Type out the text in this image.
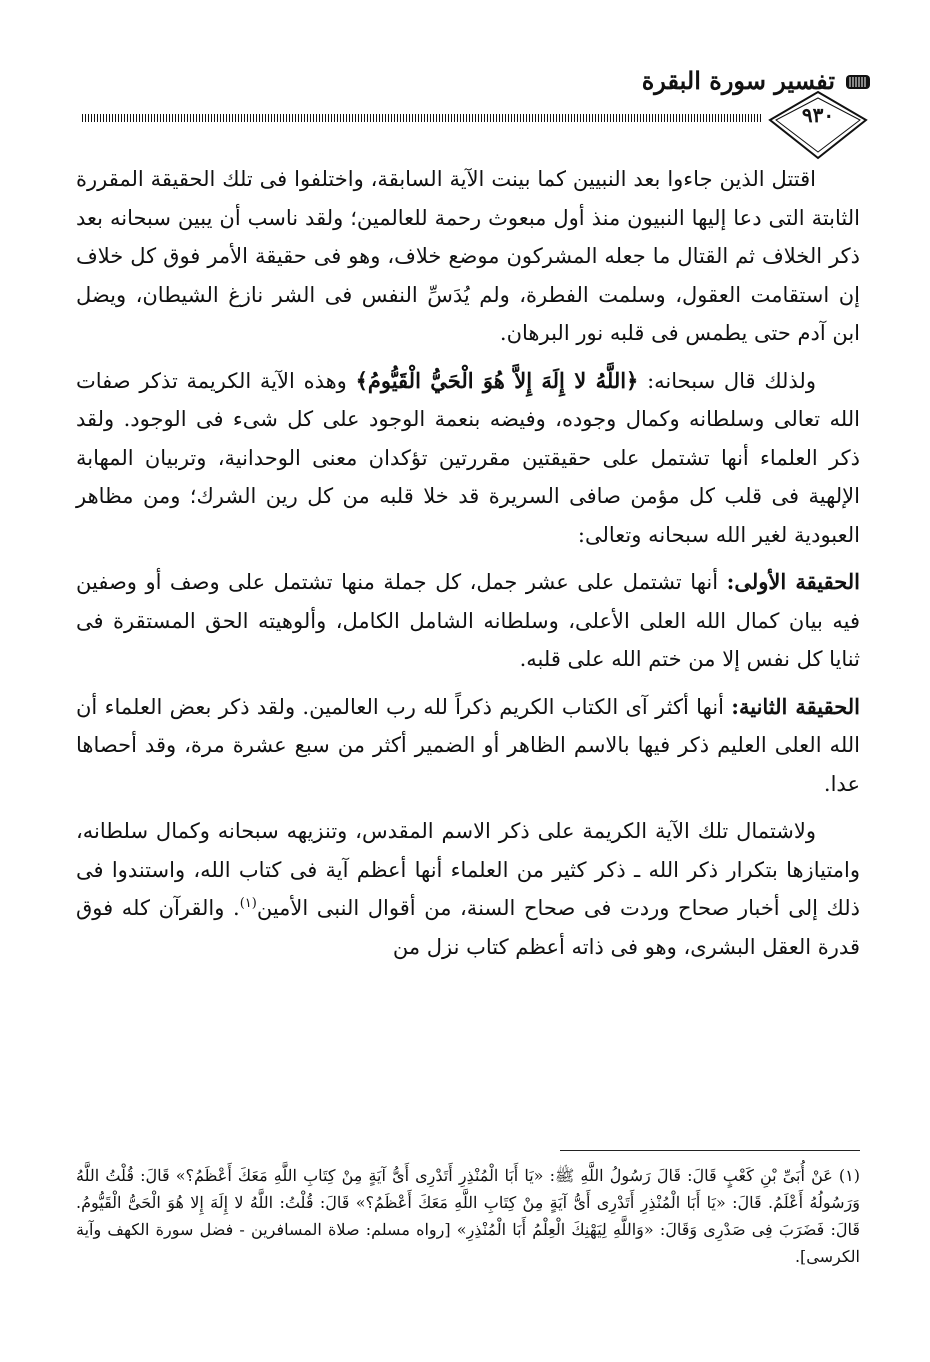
تفسير سورة البقرة
٩٣٠

اقتتل الذين جاءوا بعد النبيين كما بينت الآية السابقة، واختلفوا فى تلك الحقيقة المقررة الثابتة التى دعا إليها النبيون منذ أول مبعوث رحمة للعالمين؛ ولقد ناسب أن يبين سبحانه بعد ذكر الخلاف ثم القتال ما جعله المشركون موضع خلاف، وهو فى حقيقة الأمر فوق كل خلاف إن استقامت العقول، وسلمت الفطرة، ولم يُدَسِّ النفس فى الشر نازغ الشيطان، ويضل ابن آدم حتى يطمس فى قلبه نور البرهان.

ولذلك قال سبحانه: ﴿اللَّهُ لا إِلَهَ إِلاَّ هُوَ الْحَيُّ الْقَيُّومُ﴾ وهذه الآية الكريمة تذكر صفات الله تعالى وسلطانه وكمال وجوده، وفيضه بنعمة الوجود على كل شىء فى الوجود. ولقد ذكر العلماء أنها تشتمل على حقيقتين مقررتين تؤكدان معنى الوحدانية، وتربيان المهابة الإلهية فى قلب كل مؤمن صافى السريرة قد خلا قلبه من كل رين الشرك؛ ومن مظاهر العبودية لغير الله سبحانه وتعالى:

الحقيقة الأولى: أنها تشتمل على عشر جمل، كل جملة منها تشتمل على وصف أو وصفين فيه بيان كمال الله العلى الأعلى، وسلطانه الشامل الكامل، وألوهيته الحق المستقرة فى ثنايا كل نفس إلا من ختم الله على قلبه.

الحقيقة الثانية: أنها أكثر آى الكتاب الكريم ذكراً لله رب العالمين. ولقد ذكر بعض العلماء أن الله العلى العليم ذكر فيها بالاسم الظاهر أو الضمير أكثر من سبع عشرة مرة، وقد أحصاها عدا.

ولاشتمال تلك الآية الكريمة على ذكر الاسم المقدس، وتنزيهه سبحانه وكمال سلطانه، وامتيازها بتكرار ذكر الله ـ ذكر كثير من العلماء أنها أعظم آية فى كتاب الله، واستندوا فى ذلك إلى أخبار صحاح وردت فى صحاح السنة، من أقوال النبى الأمين$^{(١)}$. والقرآن كله فوق قدرة العقل البشرى، وهو فى ذاته أعظم كتاب نزل من

(١) عَنْ أُبَىِّ بْنِ كَعْبٍ قَالَ: قَالَ رَسُولُ اللَّهِ ﷺ: «يَا أَبَا الْمُنْذِرِ أَتَدْرِى أَىُّ آيَةٍ مِنْ كِتَابِ اللَّهِ مَعَكَ أَعْظَمُ؟» قَالَ: قُلْتُ اللَّهُ وَرَسُولُهُ أَعْلَمُ. قَالَ: «يَا أَبَا الْمُنْذِرِ أَتَدْرِى أَىُّ آيَةٍ مِنْ كِتَابِ اللَّهِ مَعَكَ أَعْظَمُ؟» قَالَ: قُلْتُ: اللَّهُ لا إِلَهَ إِلا هُوَ الْحَىُّ الْقَيُّومُ. قَالَ: فَضَرَبَ فِى صَدْرِى وَقَالَ: «وَاللَّهِ لِيَهْنِكَ الْعِلْمُ أَبَا الْمُنْذِرِ» [رواه مسلم: صلاة المسافرين - فضل سورة الكهف وآية الكرسى].
